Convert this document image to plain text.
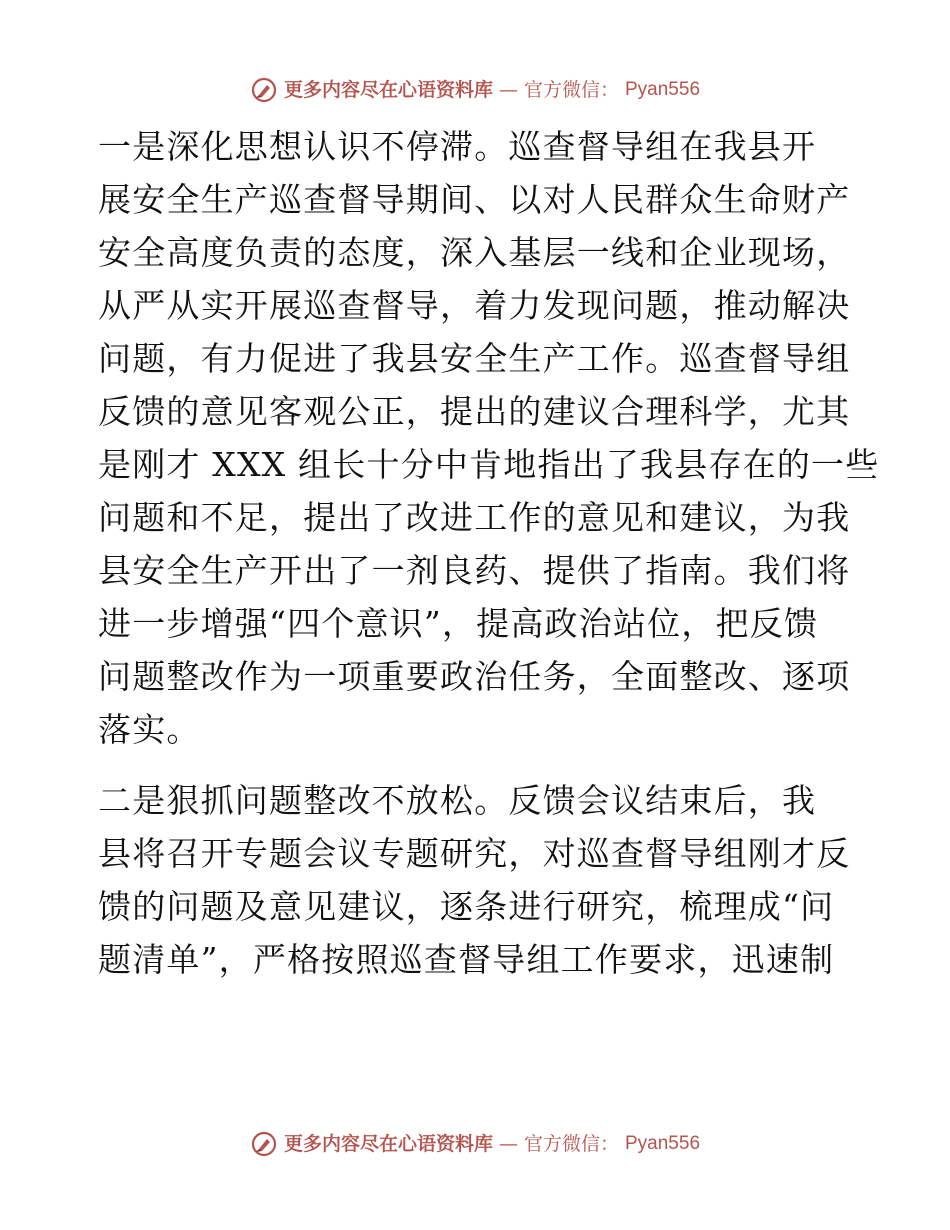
更多内容尽在心语资料库 — 官方微信： Pyan556

一是深化思想认识不停滞。巡查督导组在我县开
展安全生产巡查督导期间、以对人民群众生命财产
安全高度负责的态度，深入基层一线和企业现场，
从严从实开展巡查督导，着力发现问题，推动解决
问题，有力促进了我县安全生产工作。巡查督导组
反馈的意见客观公正，提出的建议合理科学，尤其
是刚才 XXX 组长十分中肯地指出了我县存在的一些
问题和不足，提出了改进工作的意见和建议，为我
县安全生产开出了一剂良药、提供了指南。我们将
进一步增强“四个意识”，提高政治站位，把反馈
问题整改作为一项重要政治任务，全面整改、逐项
落实。

二是狠抓问题整改不放松。反馈会议结束后，我
县将召开专题会议专题研究，对巡查督导组刚才反
馈的问题及意见建议，逐条进行研究，梳理成“问
题清单”，严格按照巡查督导组工作要求，迅速制

更多内容尽在心语资料库 — 官方微信： Pyan556
